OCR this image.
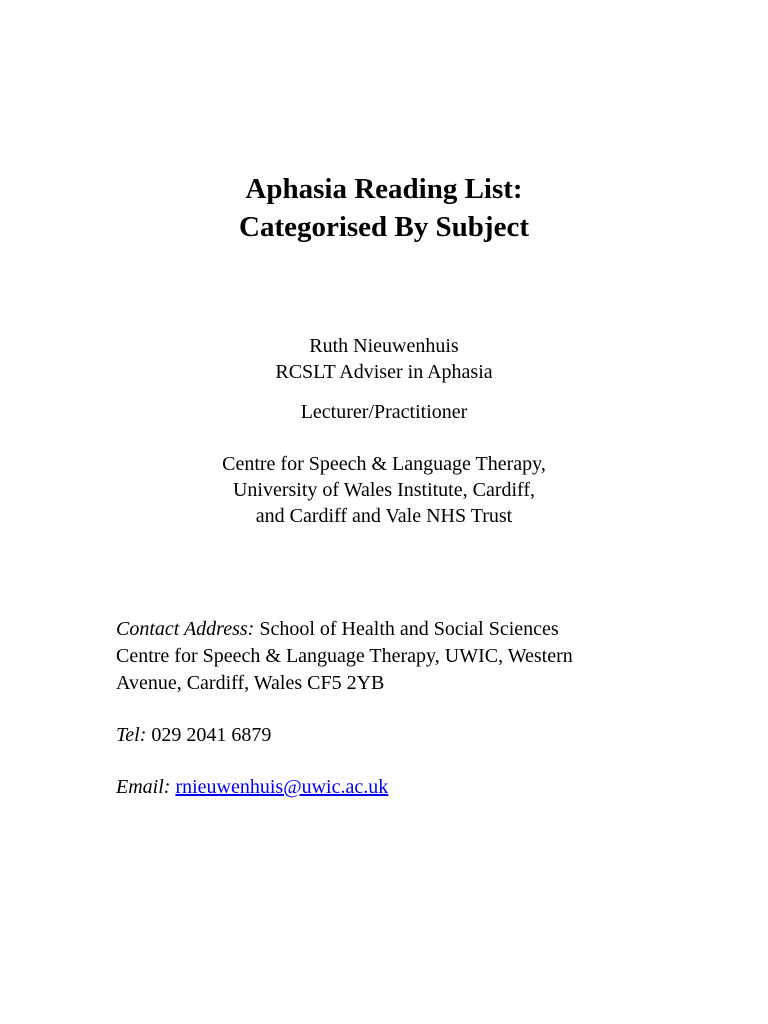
Aphasia Reading List:
Categorised By Subject
Ruth Nieuwenhuis
RCSLT Adviser in Aphasia
Lecturer/Practitioner
Centre for Speech & Language Therapy,
University of Wales Institute, Cardiff,
and Cardiff and Vale NHS Trust
Contact Address: School of Health and Social Sciences
Centre for Speech & Language Therapy, UWIC, Western
Avenue, Cardiff, Wales CF5 2YB
Tel: 029 2041 6879
Email: rnieuwenhuis@uwic.ac.uk
